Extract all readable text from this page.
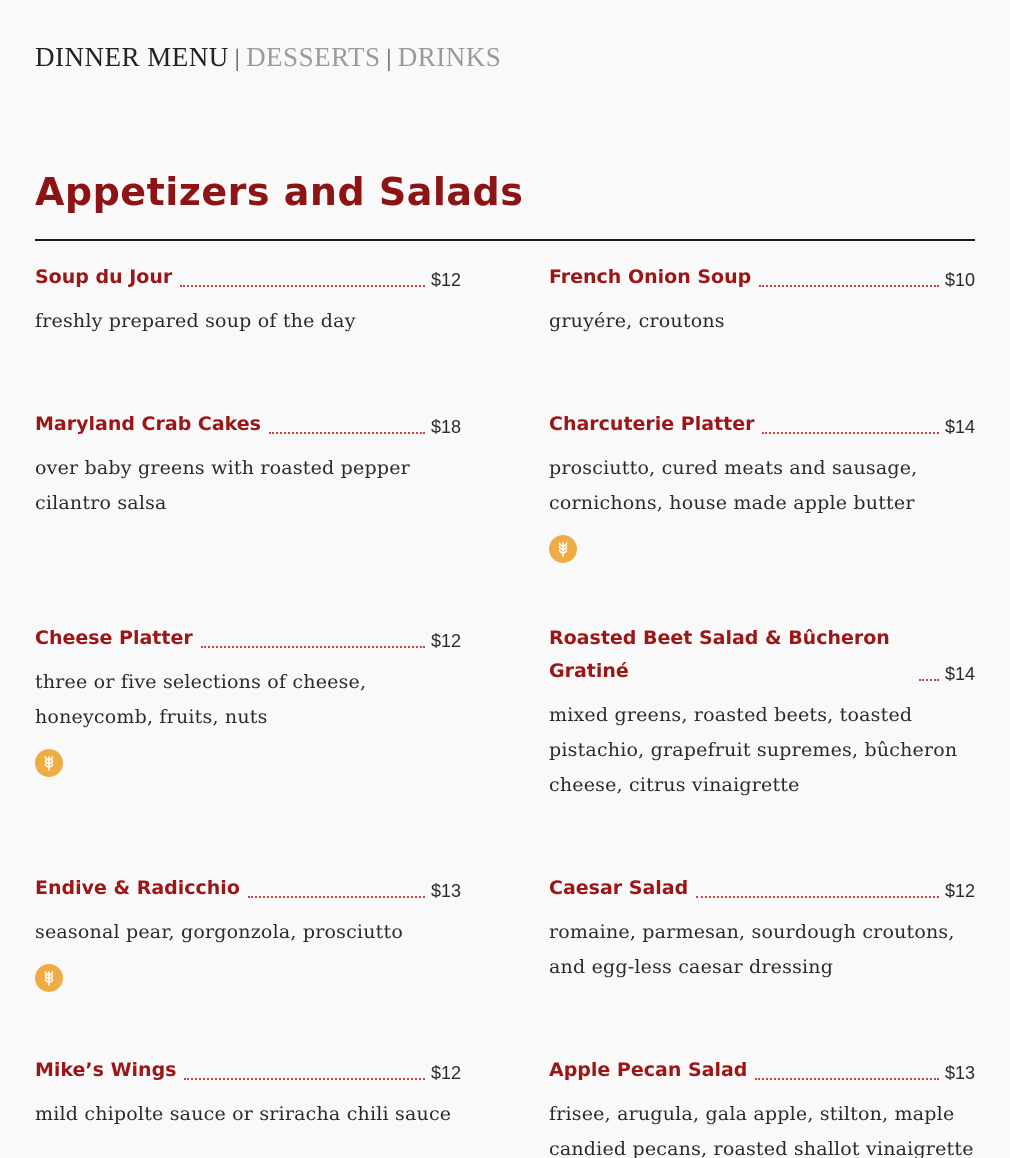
DINNER MENU | DESSERTS | DRINKS
Appetizers and Salads
Soup du Jour	$12
freshly prepared soup of the day
French Onion Soup	$10
gruyére, croutons
Maryland Crab Cakes	$18
over baby greens with roasted pepper cilantro salsa
Charcuterie Platter	$14
prosciutto, cured meats and sausage, cornichons, house made apple butter
Cheese Platter	$12
three or five selections of cheese, honeycomb, fruits, nuts
Roasted Beet Salad & Bûcheron Gratiné	$14
mixed greens, roasted beets, toasted pistachio, grapefruit supremes, bûcheron cheese, citrus vinaigrette
Endive & Radicchio	$13
seasonal pear, gorgonzola, prosciutto
Caesar Salad	$12
romaine, parmesan, sourdough croutons, and egg-less caesar dressing
Mike’s Wings	$12
mild chipolte sauce or sriracha chili sauce
Apple Pecan Salad	$13
frisee, arugula, gala apple, stilton, maple candied pecans, roasted shallot vinaigrette
